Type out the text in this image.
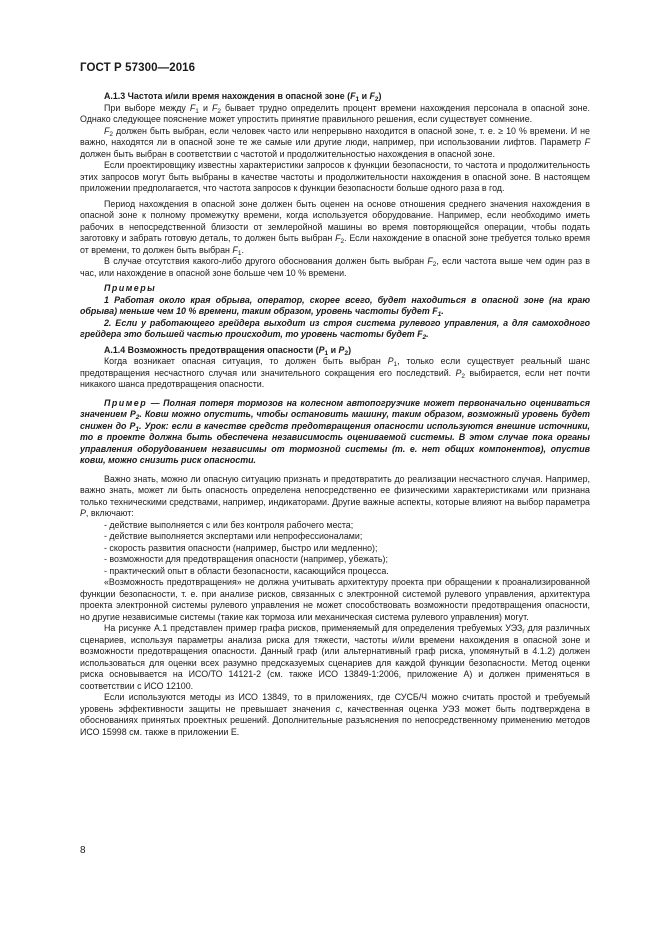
ГОСТ Р 57300—2016

А.1.3 Частота и/или время нахождения в опасной зоне ($F_1$ и $F_2$)

При выборе между $F_1$ и $F_2$ бывает трудно определить процент времени нахождения персонала в опасной зоне. Однако следующее пояснение может упростить принятие правильного решения, если существует сомнение.

$F_2$ должен быть выбран, если человек часто или непрерывно находится в опасной зоне, т. е. ≥ 10 % времени. И не важно, находятся ли в опасной зоне те же самые или другие люди, например, при использовании лифтов. Параметр F должен быть выбран в соответствии с частотой и продолжительностью нахождения в опасной зоне.

Если проектировщику известны характеристики запросов к функции безопасности, то частота и продолжительность этих запросов могут быть выбраны в качестве частоты и продолжительности нахождения в опасной зоне. В настоящем приложении предполагается, что частота запросов к функции безопасности больше одного раза в год.

Период нахождения в опасной зоне должен быть оценен на основе отношения среднего значения нахождения в опасной зоне к полному промежутку времени, когда используется оборудование. Например, если необходимо иметь рабочих в непосредственной близости от землеройной машины во время повторяющейся операции, чтобы подать заготовку и забрать готовую деталь, то должен быть выбран $F_2$. Если нахождение в опасной зоне требуется только время от времени, то должен быть выбран $F_1$.

В случае отсутствия какого-либо другого обоснования должен быть выбран $F_2$, если частота выше чем один раз в час, или нахождение в опасной зоне больше чем 10 % времени.

Примеры

1 Работая около края обрыва, оператор, скорее всего, будет находиться в опасной зоне (на краю обрыва) меньше чем 10 % времени, таким образом, уровень частоты будет $F_1$.

2. Если у работающего грейдера выходит из строя система рулевого управления, а для самоходного грейдера это большей частью происходит, то уровень частоты будет $F_2$.

А.1.4 Возможность предотвращения опасности ($P_1$ и $P_2$)

Когда возникает опасная ситуация, то должен быть выбран $P_1$, только если существует реальный шанс предотвращения несчастного случая или значительного сокращения его последствий. $P_2$ выбирается, если нет почти никакого шанса предотвращения опасности.

Пример — Полная потеря тормозов на колесном автопогрузчике может первоначально оцениваться значением $P_2$. Ковш можно опустить, чтобы остановить машину, таким образом, возможный уровень будет снижен до $P_1$. Урок: если в качестве средств предотвращения опасности используются внешние источники, то в проекте должна быть обеспечена независимость оцениваемой системы. В этом случае пока органы управления оборудованием независимы от тормозной системы (т. е. нет общих компонентов), опустив ковш, можно снизить риск опасности.

Важно знать, можно ли опасную ситуацию признать и предотвратить до реализации несчастного случая. Например, важно знать, может ли быть опасность определена непосредственно ее физическими характеристиками или признана только техническими средствами, например, индикаторами. Другие важные аспекты, которые влияют на выбор параметра P, включают:

- действие выполняется с или без контроля рабочего места;
- действие выполняется экспертами или непрофессионалами;
- скорость развития опасности (например, быстро или медленно);
- возможности для предотвращения опасности (например, убежать);
- практический опыт в области безопасности, касающийся процесса.

«Возможность предотвращения» не должна учитывать архитектуру проекта при обращении к проанализированной функции безопасности, т. е. при анализе рисков, связанных с электронной системой рулевого управления, архитектура проекта электронной системы рулевого управления не может способствовать возможности предотвращения опасности, но другие независимые системы (такие как тормоза или механическая система рулевого управления) могут.

На рисунке А.1 представлен пример графа рисков, применяемый для определения требуемых $УЭЗ_r$ для различных сценариев, используя параметры анализа риска для тяжести, частоты и/или времени нахождения в опасной зоне и возможности предотвращения опасности. Данный граф (или альтернативный граф риска, упомянутый в 4.1.2) должен использоваться для оценки всех разумно предсказуемых сценариев для каждой функции безопасности. Метод оценки риска основывается на ИСО/ТО 14121-2 (см. также ИСО 13849-1:2006, приложение А) и должен применяться в соответствии с ИСО 12100.

Если используются методы из ИСО 13849, то в приложениях, где СУСБ/Ч можно считать простой и требуемый уровень эффективности защиты не превышает значения c, качественная оценка УЭЗ может быть подтверждена в обоснованиях принятых проектных решений. Дополнительные разъяснения по непосредственному применению методов ИСО 15998 см. также в приложении Е.

8
